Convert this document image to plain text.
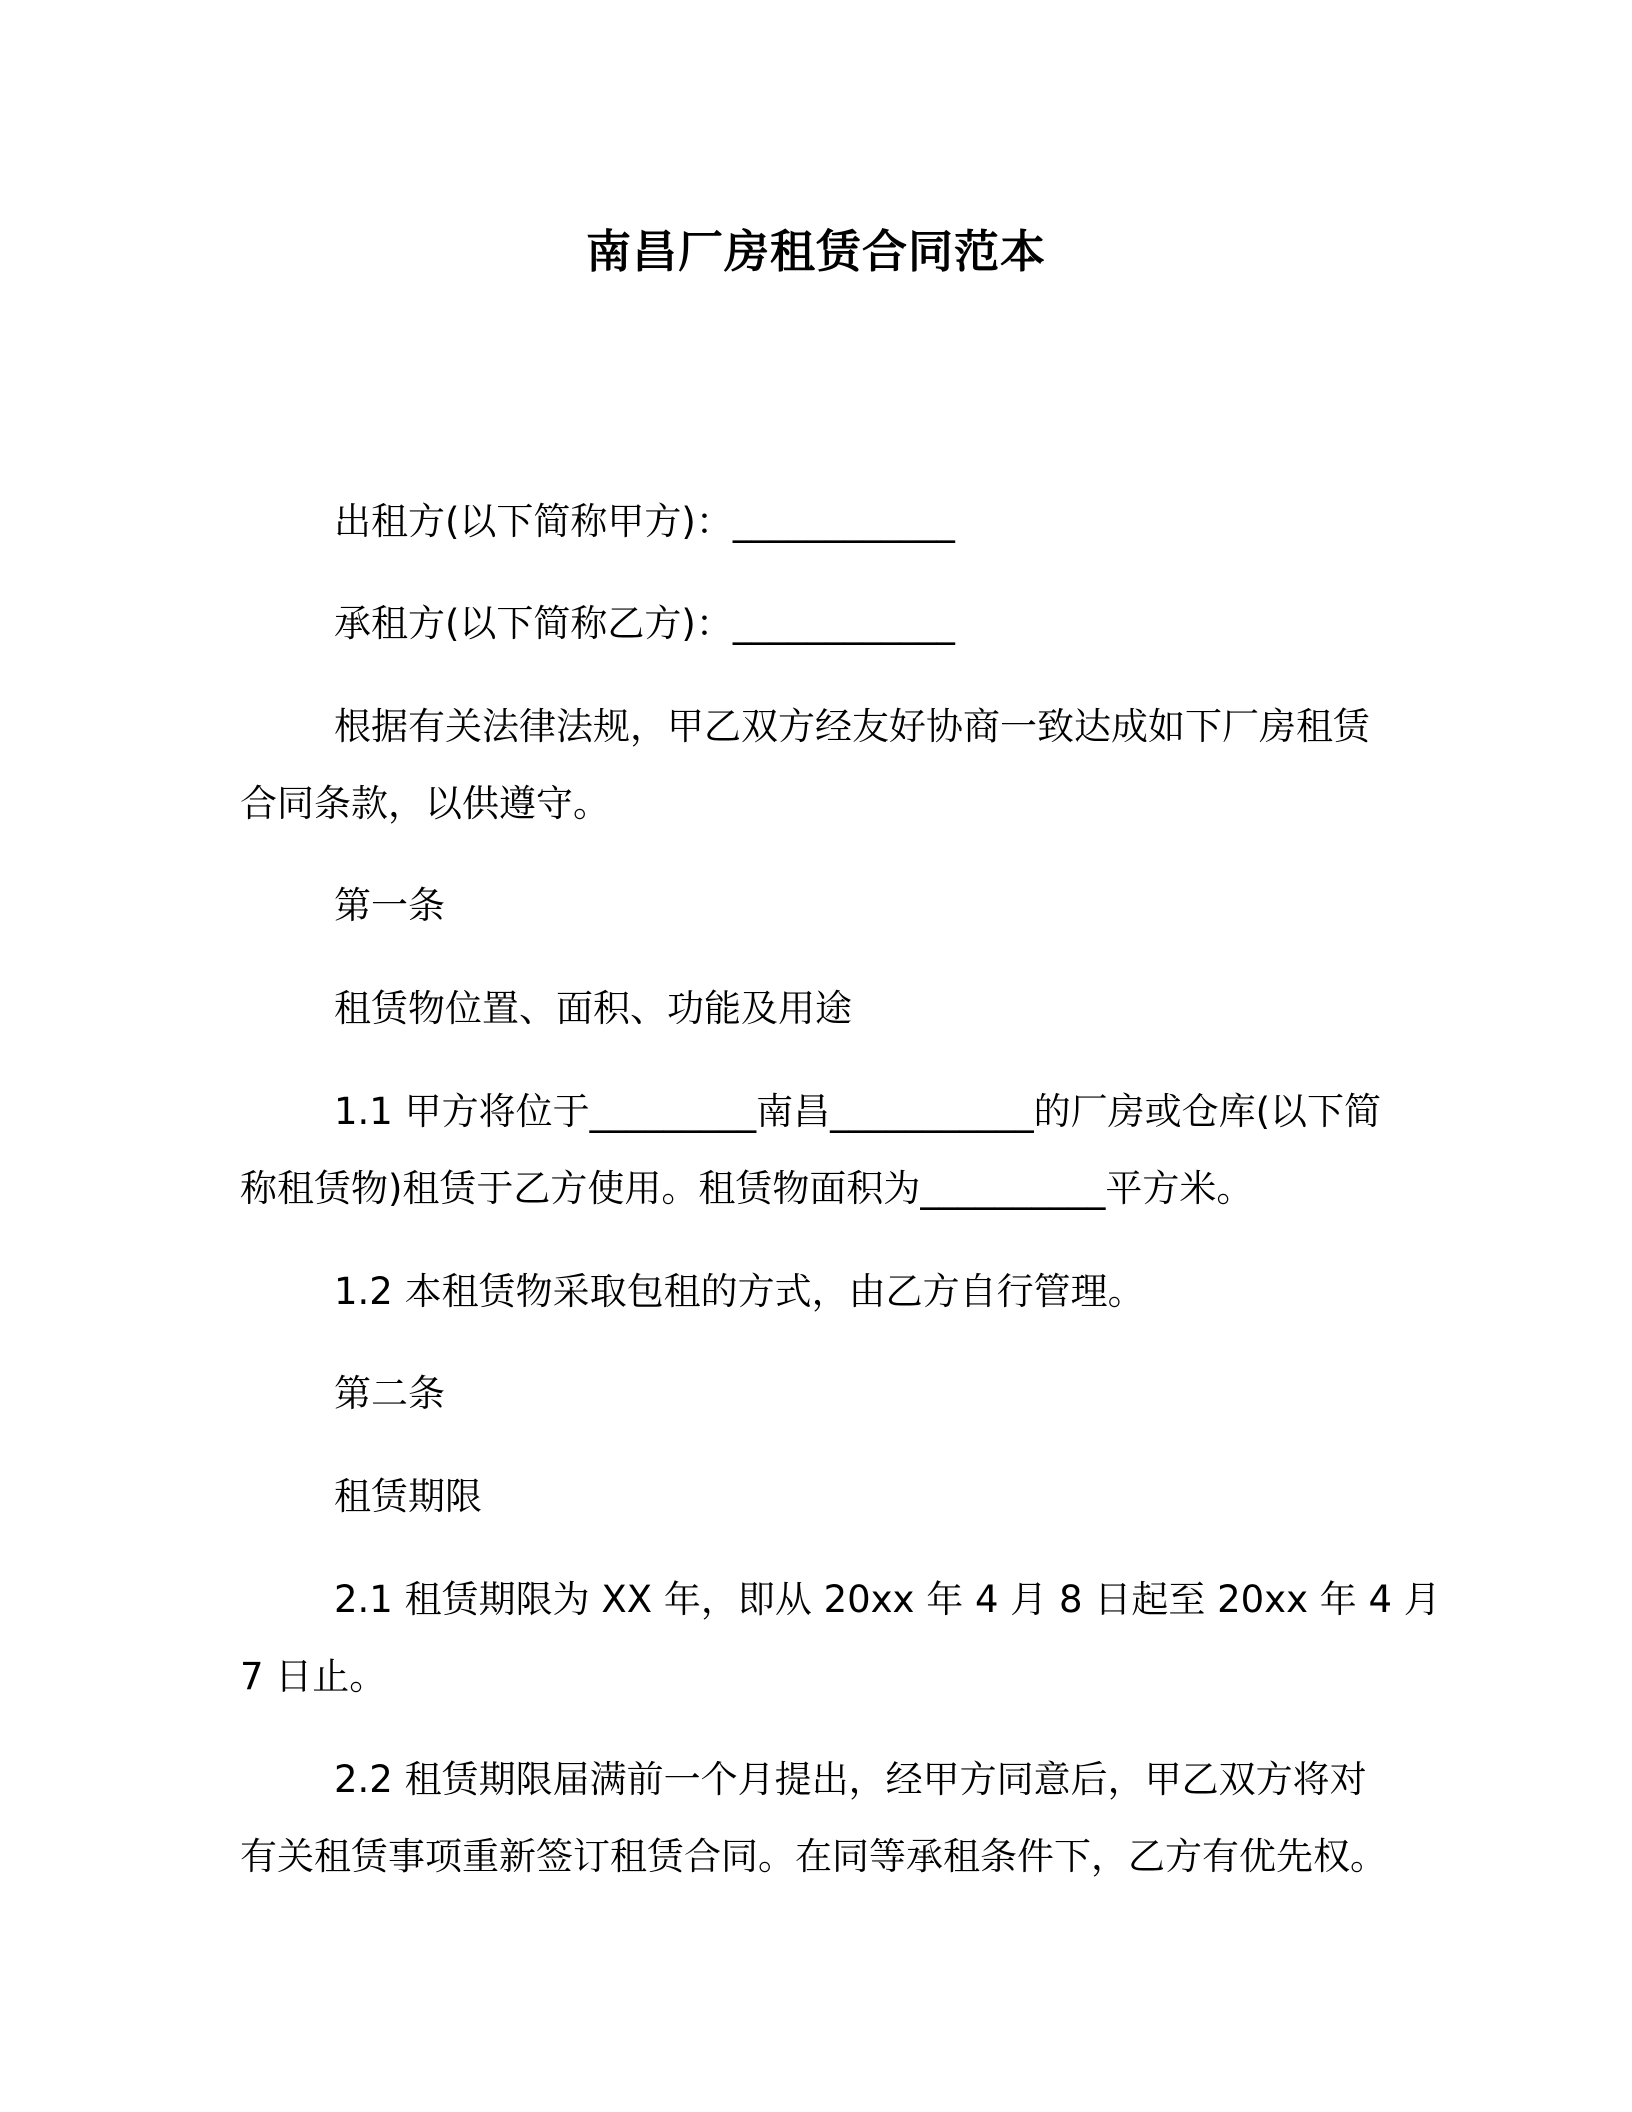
南昌厂房租赁合同范本
出租方(以下简称甲方)：____________
承租方(以下简称乙方)：____________
根据有关法律法规，甲乙双方经友好协商一致达成如下厂房租赁
合同条款，以供遵守。
第一条
租赁物位置、面积、功能及用途
1.1 甲方将位于_________南昌___________的厂房或仓库(以下简
称租赁物)租赁于乙方使用。租赁物面积为__________平方米。
1.2 本租赁物采取包租的方式，由乙方自行管理。
第二条
租赁期限
2.1 租赁期限为 XX 年，即从 20xx 年 4 月 8 日起至 20xx 年 4 月
7 日止。
2.2 租赁期限届满前一个月提出，经甲方同意后，甲乙双方将对
有关租赁事项重新签订租赁合同。在同等承租条件下，乙方有优先权。
